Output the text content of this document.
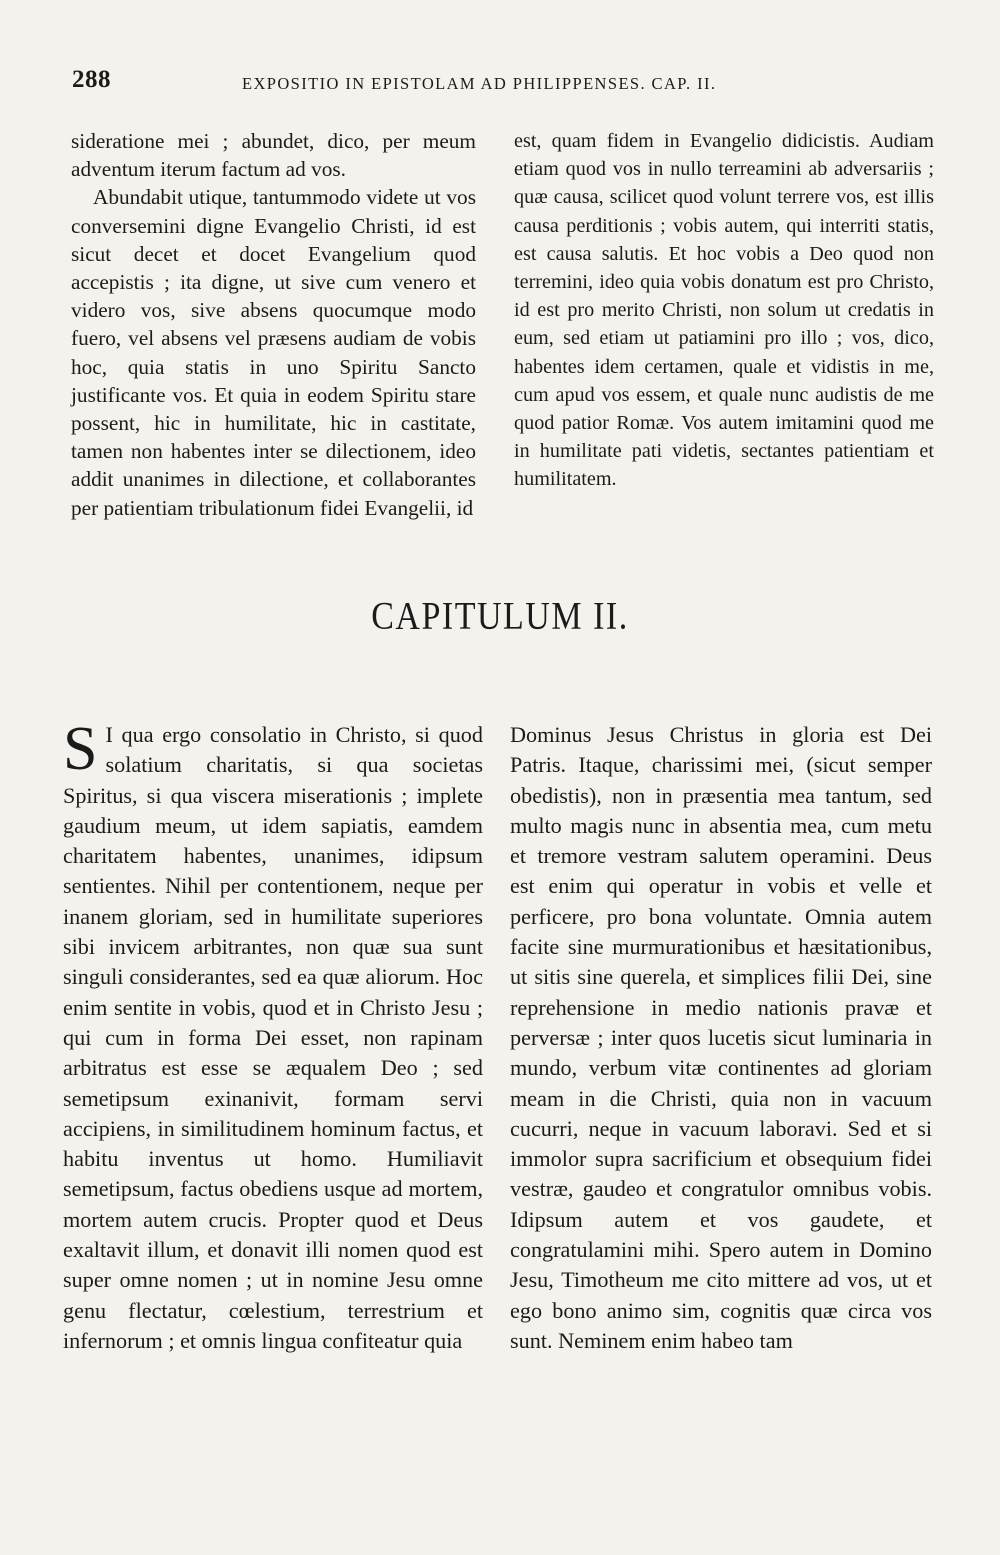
288	EXPOSITIO IN EPISTOLAM AD PHILIPPENSES. CAP. II.

sideratione mei ; abundet, dico, per meum adventum iterum factum ad vos.

Abundabit utique, tantummodo videte ut vos conversemini digne Evangelio Christi, id est sicut decet et docet Evangelium quod accepistis ; ita digne, ut sive cum venero et videro vos, sive absens quocumque modo fuero, vel absens vel præsens audiam de vobis hoc, quia statis in uno Spiritu Sancto justificante vos. Et quia in eodem Spiritu stare possent, hic in humilitate, hic in castitate, tamen non habentes inter se dilectionem, ideo addit unanimes in dilectione, et collaborantes per patientiam tribulationum fidei Evangelii, id

est, quam fidem in Evangelio didicistis. Audiam etiam quod vos in nullo terreamini ab adversariis ; quæ causa, scilicet quod volunt terrere vos, est illis causa perditionis ; vobis autem, qui interriti statis, est causa salutis. Et hoc vobis a Deo quod non terremini, ideo quia vobis donatum est pro Christo, id est pro merito Christi, non solum ut credatis in eum, sed etiam ut patiamini pro illo ; vos, dico, habentes idem certamen, quale et vidistis in me, cum apud vos essem, et quale nunc audistis de me quod patior Romæ. Vos autem imitamini quod me in humilitate pati videtis, sectantes patientiam et humilitatem.

CAPITULUM II.
S I qua ergo consolatio in Christo, si quod solatium charitatis, si qua societas Spiritus, si qua viscera miserationis ; implete gaudium meum, ut idem sapiatis, eamdem charitatem habentes, unanimes, idipsum sentientes. Nihil per contentionem, neque per inanem gloriam, sed in humilitate superiores sibi invicem arbitrantes, non quæ sua sunt singuli considerantes, sed ea quæ aliorum. Hoc enim sentite in vobis, quod et in Christo Jesu ; qui cum in forma Dei esset, non rapinam arbitratus est esse se æqualem Deo ; sed semetipsum exinanivit, formam servi accipiens, in similitudinem hominum factus, et habitu inventus ut homo. Humiliavit semetipsum, factus obediens usque ad mortem, mortem autem crucis. Propter quod et Deus exaltavit illum, et donavit illi nomen quod est super omne nomen ; ut in nomine Jesu omne genu flectatur, cœlestium, terrestrium et infernorum ; et omnis lingua confiteatur quia

Dominus Jesus Christus in gloria est Dei Patris. Itaque, charissimi mei, (sicut semper obedistis), non in præsentia mea tantum, sed multo magis nunc in absentia mea, cum metu et tremore vestram salutem operamini. Deus est enim qui operatur in vobis et velle et perficere, pro bona voluntate. Omnia autem facite sine murmurationibus et hæsitationibus, ut sitis sine querela, et simplices filii Dei, sine reprehensione in medio nationis pravæ et perversæ ; inter quos lucetis sicut luminaria in mundo, verbum vitæ continentes ad gloriam meam in die Christi, quia non in vacuum cucurri, neque in vacuum laboravi. Sed et si immolor supra sacrificium et obsequium fidei vestræ, gaudeo et congratulor omnibus vobis. Idipsum autem et vos gaudete, et congratulamini mihi. Spero autem in Domino Jesu, Timotheum me cito mittere ad vos, ut et ego bono animo sim, cognitis quæ circa vos sunt. Neminem enim habeo tam
